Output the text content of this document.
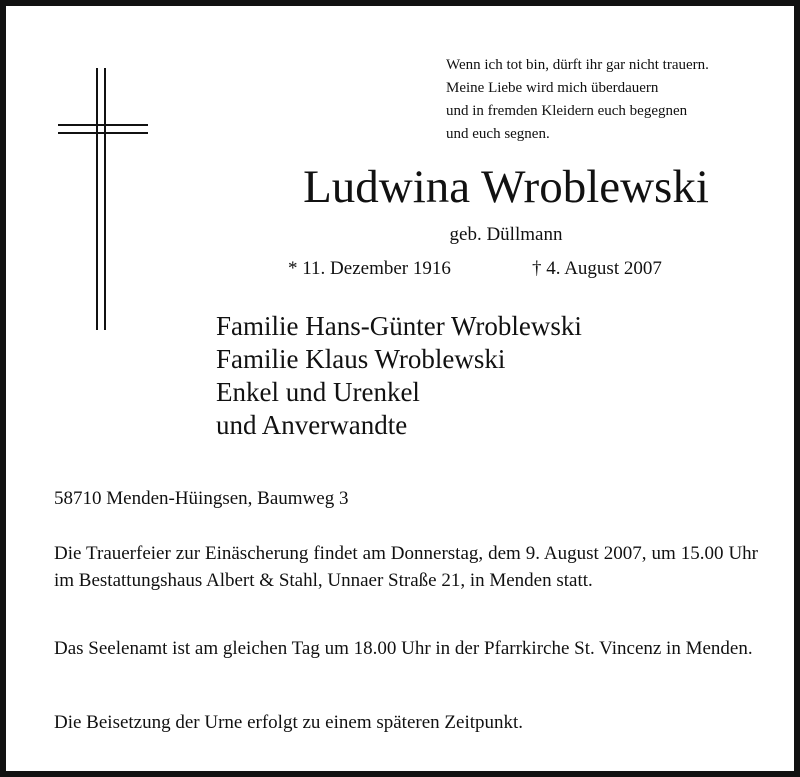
Wenn ich tot bin, dürft ihr gar nicht trauern.
Meine Liebe wird mich überdauern
und in fremden Kleidern euch begegnen
und euch segnen.
Ludwina Wroblewski
geb. Düllmann
* 11. Dezember 1916	† 4. August 2007
Familie Hans-Günter Wroblewski
Familie Klaus Wroblewski
Enkel und Urenkel
und Anverwandte
58710 Menden-Hüingsen, Baumweg 3
Die Trauerfeier zur Einäscherung findet am Donnerstag, dem 9. August 2007, um 15.00 Uhr im Bestattungshaus Albert & Stahl, Unnaer Straße 21, in Menden statt.
Das Seelenamt ist am gleichen Tag um 18.00 Uhr in der Pfarrkirche St. Vincenz in Menden.
Die Beisetzung der Urne erfolgt zu einem späteren Zeitpunkt.
